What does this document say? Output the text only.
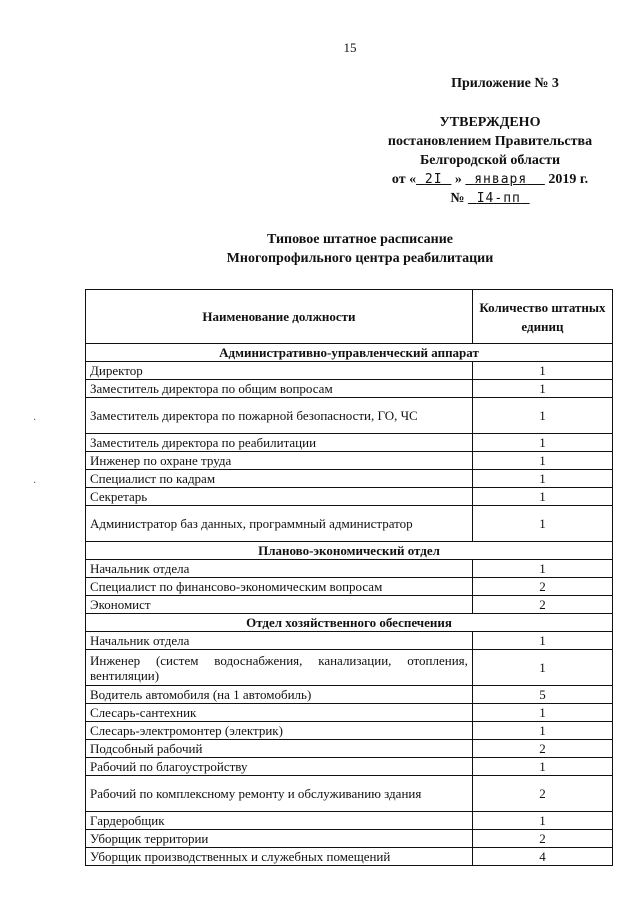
15
Приложение № 3
УТВЕРЖДЕНО
постановлением Правительства
Белгородской области
от « 2I » января 2019 г.
№ I4-пп
Типовое штатное расписание
Многопрофильного центра реабилитации
Наименование должности	Количество штатных единиц
Административно-управленческий аппарат	
Директор	1
Заместитель директора по общим вопросам	1
Заместитель директора по пожарной безопасности, ГО, ЧС	1
Заместитель директора по реабилитации	1
Инженер по охране труда	1
Специалист по кадрам	1
Секретарь	1
Администратор баз данных, программный администратор	1
Планово-экономический отдел	
Начальник отдела	1
Специалист по финансово-экономическим вопросам	2
Экономист	2
Отдел хозяйственного обеспечения	
Начальник отдела	1
Инженер (систем водоснабжения, канализации, отопления, вентиляции)	1
Водитель автомобиля (на 1 автомобиль)	5
Слесарь-сантехник	1
Слесарь-электромонтер (электрик)	1
Подсобный рабочий	2
Рабочий по благоустройству	1
Рабочий по комплексному ремонту и обслуживанию здания	2
Гардеробщик	1
Уборщик территории	2
Уборщик производственных и служебных помещений	4
·
·
